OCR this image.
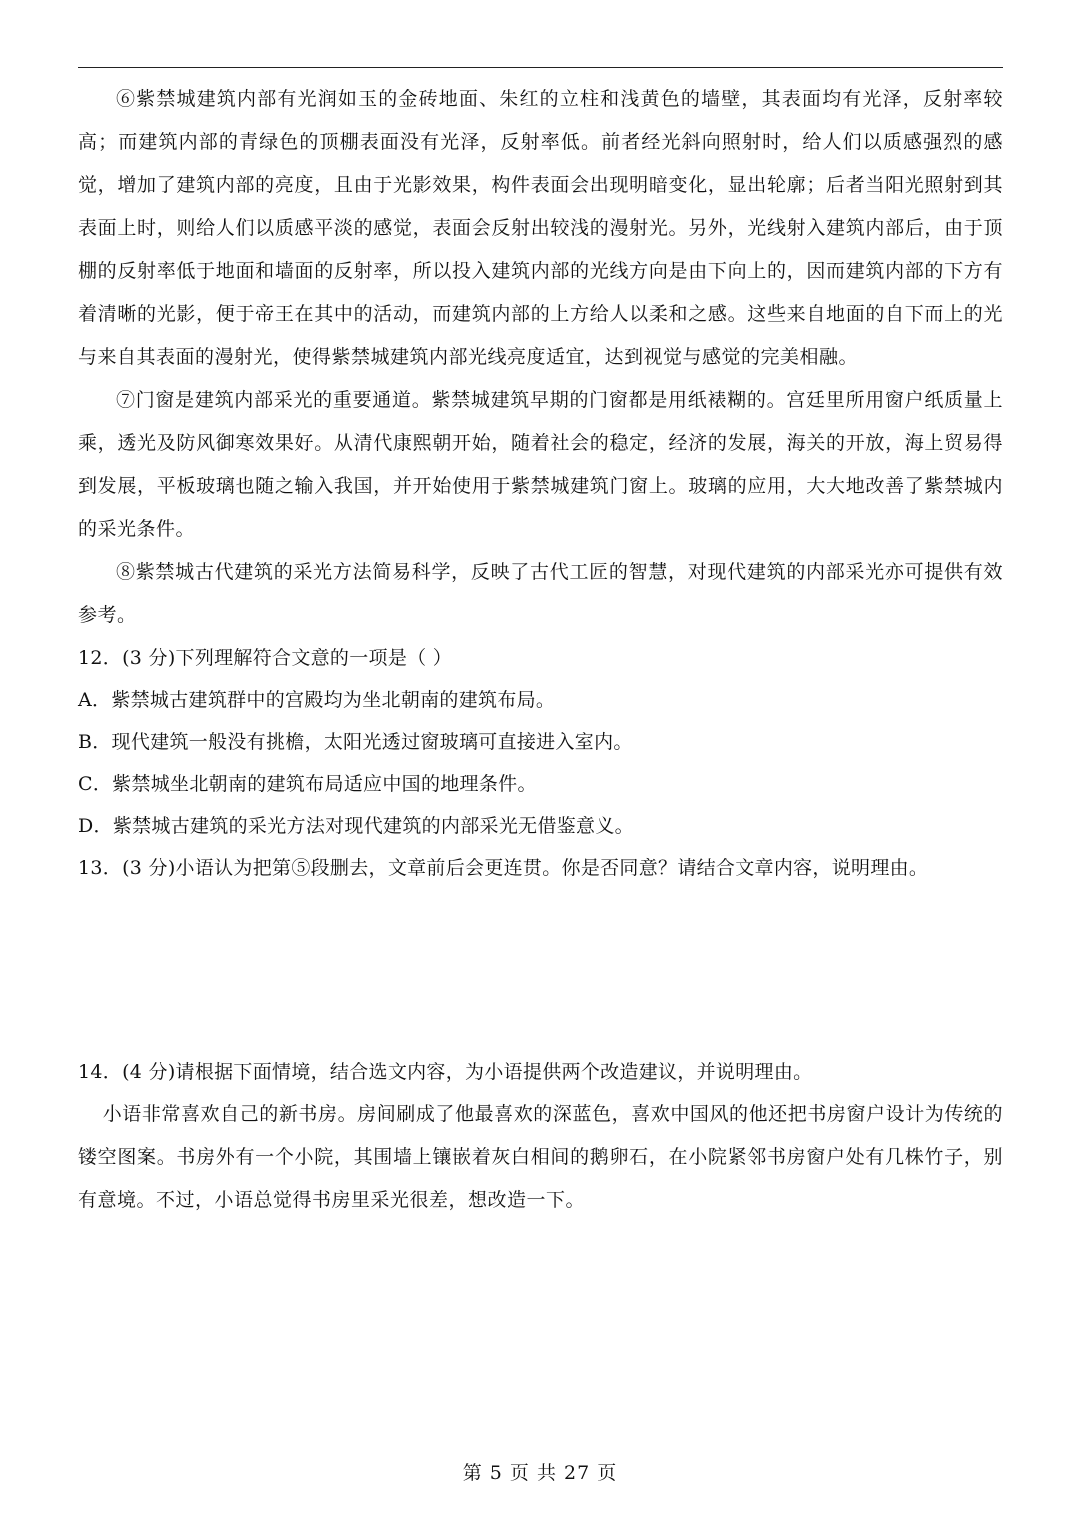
⑥紫禁城建筑内部有光润如玉的金砖地面、朱红的立柱和浅黄色的墙壁，其表面均有光泽，反射率较高；而建筑内部的青绿色的顶棚表面没有光泽，反射率低。前者经光斜向照射时，给人们以质感强烈的感觉，增加了建筑内部的亮度，且由于光影效果，构件表面会出现明暗变化，显出轮廓；后者当阳光照射到其表面上时，则给人们以质感平淡的感觉，表面会反射出较浅的漫射光。另外，光线射入建筑内部后，由于顶棚的反射率低于地面和墙面的反射率，所以投入建筑内部的光线方向是由下向上的，因而建筑内部的下方有着清晰的光影，便于帝王在其中的活动，而建筑内部的上方给人以柔和之感。这些来自地面的自下而上的光与来自其表面的漫射光，使得紫禁城建筑内部光线亮度适宜，达到视觉与感觉的完美相融。

⑦门窗是建筑内部采光的重要通道。紫禁城建筑早期的门窗都是用纸裱糊的。宫廷里所用窗户纸质量上乘，透光及防风御寒效果好。从清代康熙朝开始，随着社会的稳定，经济的发展，海关的开放，海上贸易得到发展，平板玻璃也随之输入我国，并开始使用于紫禁城建筑门窗上。玻璃的应用，大大地改善了紫禁城内的采光条件。

⑧紫禁城古代建筑的采光方法简易科学，反映了古代工匠的智慧，对现代建筑的内部采光亦可提供有效参考。

12．(3 分)下列理解符合文意的一项是（ ）

A．紫禁城古建筑群中的宫殿均为坐北朝南的建筑布局。

B．现代建筑一般没有挑檐，太阳光透过窗玻璃可直接进入室内。

C．紫禁城坐北朝南的建筑布局适应中国的地理条件。

D．紫禁城古建筑的采光方法对现代建筑的内部采光无借鉴意义。

13．(3 分)小语认为把第⑤段删去，文章前后会更连贯。你是否同意？请结合文章内容，说明理由。

14．(4 分)请根据下面情境，结合选文内容，为小语提供两个改造建议，并说明理由。

小语非常喜欢自己的新书房。房间刷成了他最喜欢的深蓝色，喜欢中国风的他还把书房窗户设计为传统的镂空图案。书房外有一个小院，其围墙上镶嵌着灰白相间的鹅卵石，在小院紧邻书房窗户处有几株竹子，别有意境。不过，小语总觉得书房里采光很差，想改造一下。

第 5 页 共 27 页
